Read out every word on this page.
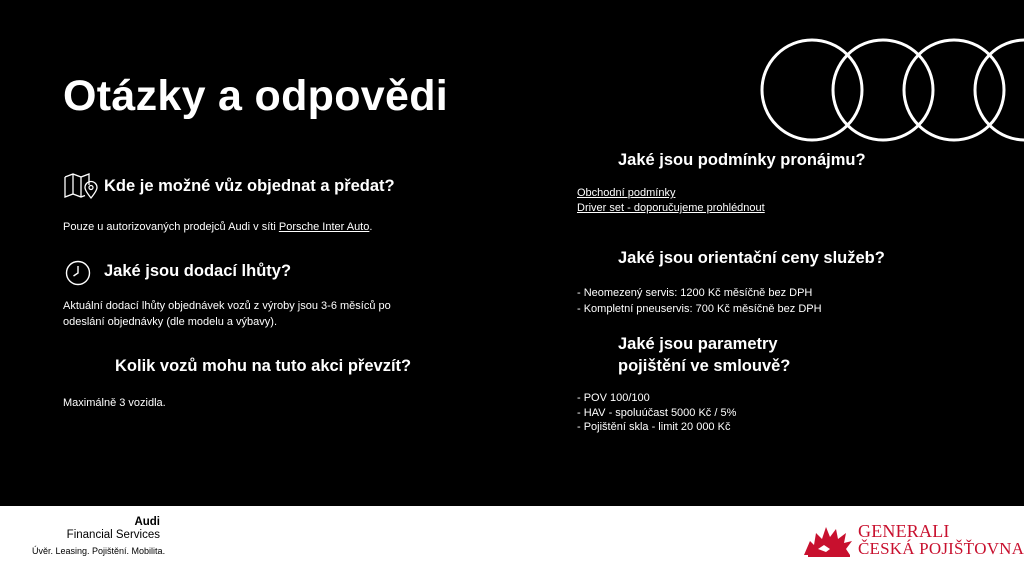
Otázky a odpovědi
Kde je možné vůz objednat a předat?
Pouze u autorizovaných prodejců Audi v síti Porsche Inter Auto.
Jaké jsou dodací lhůty?
Aktuální dodací lhůty objednávek vozů z výroby jsou 3-6 měsíců po
odeslání objednávky (dle modelu a výbavy).
Kolik vozů mohu na tuto akci převzít?
Maximálně 3 vozidla.
Jaké jsou podmínky pronájmu?
Obchodní podmínky
Driver set - doporučujeme prohlédnout
Jaké jsou orientační ceny služeb?
- Neomezený servis: 1200 Kč měsíčně bez DPH
- Kompletní pneuservis: 700 Kč měsíčně bez DPH
Jaké jsou parametry
pojištění ve smlouvě?
- POV 100/100
- HAV - spoluúčast 5000 Kč / 5%
- Pojištění skla - limit 20 000 Kč
Audi
Financial Services
Úvěr. Leasing. Pojištění. Mobilita.
GENERALI
ČESKÁ POJIŠŤOVNA
